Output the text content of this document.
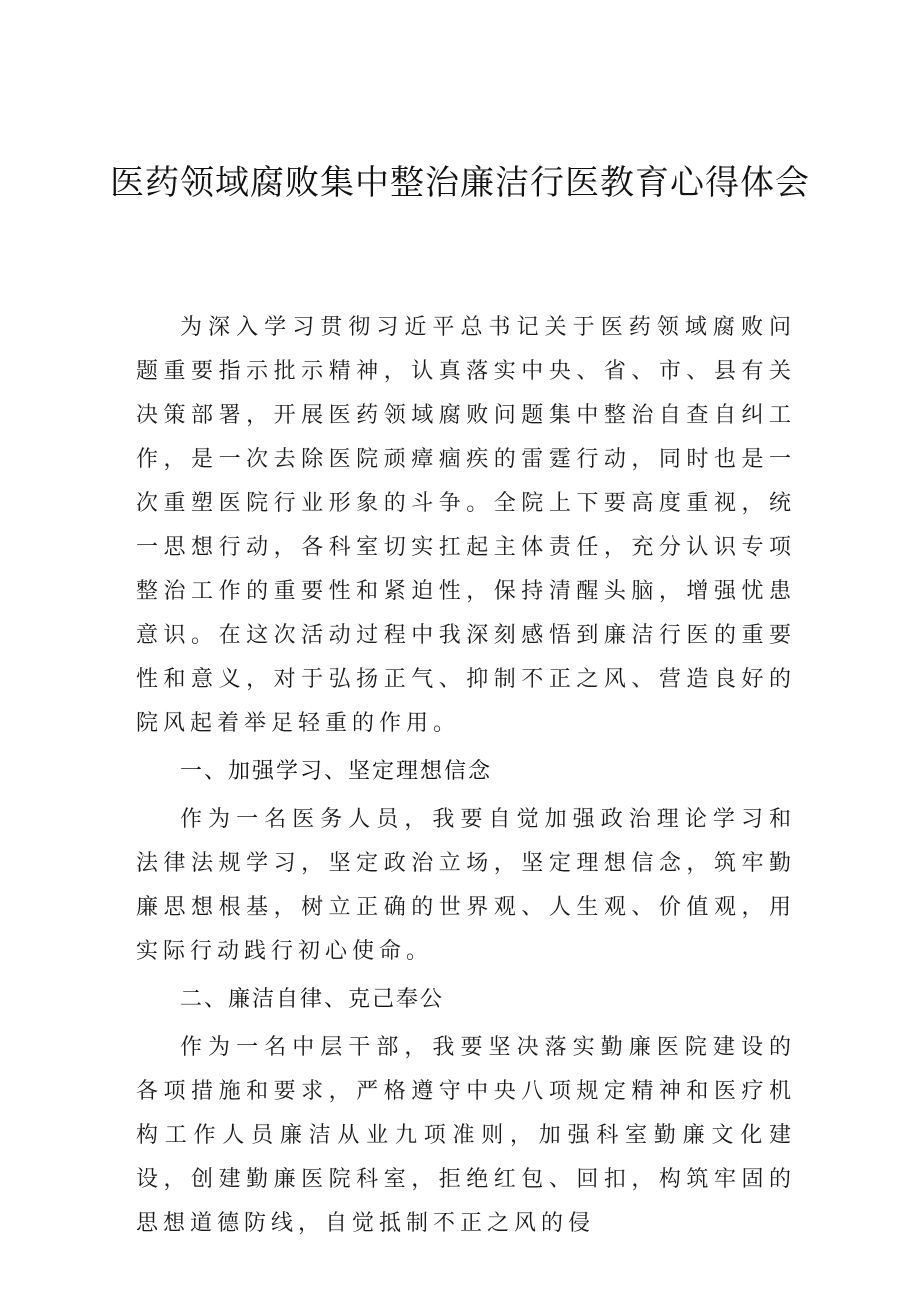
医药领域腐败集中整治廉洁行医教育心得体会

为深入学习贯彻习近平总书记关于医药领域腐败问题重要指示批示精神，认真落实中央、省、市、县有关决策部署，开展医药领域腐败问题集中整治自查自纠工作，是一次去除医院顽瘴痼疾的雷霆行动，同时也是一次重塑医院行业形象的斗争。全院上下要高度重视，统一思想行动，各科室切实扛起主体责任，充分认识专项整治工作的重要性和紧迫性，保持清醒头脑，增强忧患意识。在这次活动过程中我深刻感悟到廉洁行医的重要性和意义，对于弘扬正气、抑制不正之风、营造良好的院风起着举足轻重的作用。

一、加强学习、坚定理想信念

作为一名医务人员，我要自觉加强政治理论学习和法律法规学习，坚定政治立场，坚定理想信念，筑牢勤廉思想根基，树立正确的世界观、人生观、价值观，用实际行动践行初心使命。

二、廉洁自律、克己奉公

作为一名中层干部，我要坚决落实勤廉医院建设的各项措施和要求，严格遵守中央八项规定精神和医疗机构工作人员廉洁从业九项准则，加强科室勤廉文化建设，创建勤廉医院科室，拒绝红包、回扣，构筑牢固的思想道德防线，自觉抵制不正之风的侵
